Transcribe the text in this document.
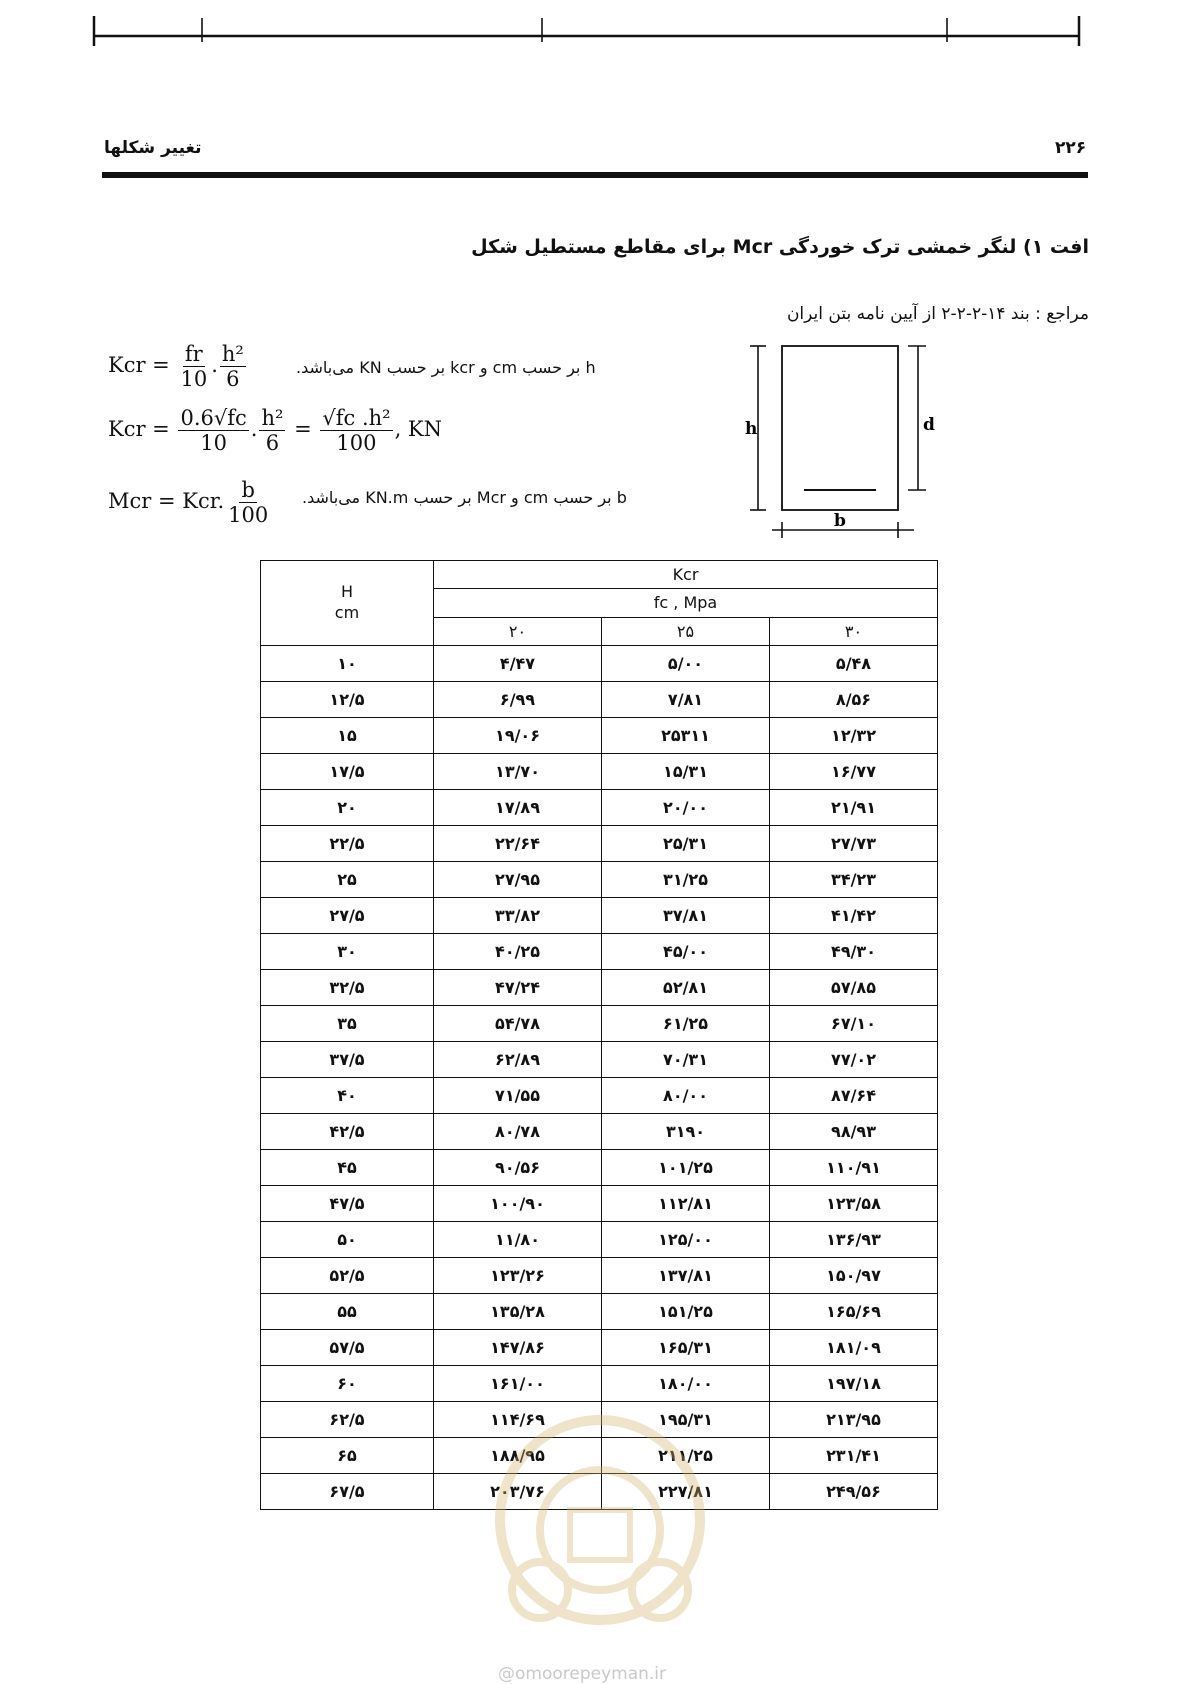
۲۲۶
تغییر شکلها
افت ۱) لنگر خمشی ترک خوردگی Mcr برای مقاطع مستطیل شکل
مراجع : بند ۱۴-۲-۲-۲ از آیین نامه بتن ایران
Kcr = $\frac{fr}{10}$ . $\frac{\text{h²}}{6}$	h بر حسب cm و kcr بر حسب KN می‌باشد.
Kcr = $\frac{0.6√fc}{10}$ . $\frac{\text{h²}}{6} = \frac{\text{√fc .h²}}{100}$ , KN
Mcr = Kcr. $\frac{b}{100}$ b بر حسب cm و Mcr بر حسب KN.m می‌باشد.
h	d
b
H
cm	Kcr		
	fc , Mpa		
	۲۰	۲۵	۳۰
۱۰	۴/۴۷	۵/۰۰	۵/۴۸
۱۲/۵	۶/۹۹	۷/۸۱	۸/۵۶
۱۵	۱۹/۰۶	۲۵۳۱۱	۱۲/۳۲
۱۷/۵	۱۳/۷۰	۱۵/۳۱	۱۶/۷۷
۲۰	۱۷/۸۹	۲۰/۰۰	۲۱/۹۱
۲۲/۵	۲۲/۶۴	۲۵/۳۱	۲۷/۷۳
۲۵	۲۷/۹۵	۳۱/۲۵	۳۴/۲۳
۲۷/۵	۳۳/۸۲	۳۷/۸۱	۴۱/۴۲
۳۰	۴۰/۲۵	۴۵/۰۰	۴۹/۳۰
۳۲/۵	۴۷/۲۴	۵۲/۸۱	۵۷/۸۵
۳۵	۵۴/۷۸	۶۱/۲۵	۶۷/۱۰
۳۷/۵	۶۲/۸۹	۷۰/۳۱	۷۷/۰۲
۴۰	۷۱/۵۵	۸۰/۰۰	۸۷/۶۴
۴۲/۵	۸۰/۷۸	۳۱۹۰	۹۸/۹۳
۴۵	۹۰/۵۶	۱۰۱/۲۵	۱۱۰/۹۱
۴۷/۵	۱۰۰/۹۰	۱۱۲/۸۱	۱۲۳/۵۸
۵۰	۱۱/۸۰	۱۲۵/۰۰	۱۳۶/۹۳
۵۲/۵	۱۲۳/۲۶	۱۳۷/۸۱	۱۵۰/۹۷
۵۵	۱۳۵/۲۸	۱۵۱/۲۵	۱۶۵/۶۹
۵۷/۵	۱۴۷/۸۶	۱۶۵/۳۱	۱۸۱/۰۹
۶۰	۱۶۱/۰۰	۱۸۰/۰۰	۱۹۷/۱۸
۶۲/۵	۱۱۴/۶۹	۱۹۵/۳۱	۲۱۳/۹۵
۶۵	۱۸۸/۹۵	۲۱۱/۲۵	۲۳۱/۴۱
۶۷/۵	۲۰۳/۷۶	۲۲۷/۸۱	۲۴۹/۵۶
@omoorepeyman.ir
